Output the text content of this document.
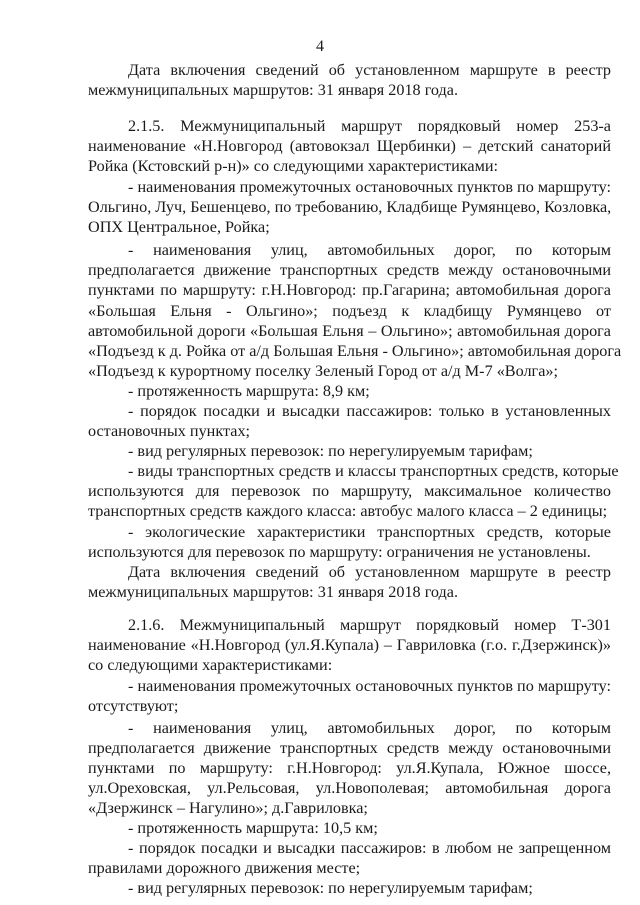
4
Дата включения сведений об установленном маршруте в реестр
межмуниципальных маршрутов: 31 января 2018 года.
2.1.5. Межмуниципальный маршрут порядковый номер 253-а
наименование «Н.Новгород (автовокзал Щербинки) – детский санаторий
Ройка (Кстовский р-н)» со следующими характеристиками:
- наименования промежуточных остановочных пунктов по маршруту:
Ольгино, Луч, Бешенцево, по требованию, Кладбище Румянцево, Козловка,
ОПХ Центральное, Ройка;
- наименования улиц, автомобильных дорог, по которым
предполагается движение транспортных средств между остановочными
пунктами по маршруту: г.Н.Новгород: пр.Гагарина; автомобильная дорога
«Большая Ельня - Ольгино»; подъезд к кладбищу Румянцево от
автомобильной дороги «Большая Ельня – Ольгино»; автомобильная дорога
«Подъезд к д. Ройка от а/д Большая Ельня - Ольгино»; автомобильная дорога
«Подъезд к курортному поселку Зеленый Город от а/д М-7 «Волга»;
- протяженность маршрута: 8,9 км;
- порядок посадки и высадки пассажиров: только в установленных
остановочных пунктах;
- вид регулярных перевозок: по нерегулируемым тарифам;
- виды транспортных средств и классы транспортных средств, которые
используются для перевозок по маршруту, максимальное количество
транспортных средств каждого класса: автобус малого класса – 2 единицы;
- экологические характеристики транспортных средств, которые
используются для перевозок по маршруту: ограничения не установлены.
Дата включения сведений об установленном маршруте в реестр
межмуниципальных маршрутов: 31 января 2018 года.
2.1.6. Межмуниципальный маршрут порядковый номер Т-301
наименование «Н.Новгород (ул.Я.Купала) – Гавриловка (г.о. г.Дзержинск)»
со следующими характеристиками:
- наименования промежуточных остановочных пунктов по маршруту:
отсутствуют;
- наименования улиц, автомобильных дорог, по которым
предполагается движение транспортных средств между остановочными
пунктами по маршруту: г.Н.Новгород: ул.Я.Купала, Южное шоссе,
ул.Ореховская, ул.Рельсовая, ул.Новополевая; автомобильная дорога
«Дзержинск – Нагулино»; д.Гавриловка;
- протяженность маршрута: 10,5 км;
- порядок посадки и высадки пассажиров: в любом не запрещенном
правилами дорожного движения месте;
- вид регулярных перевозок: по нерегулируемым тарифам;
